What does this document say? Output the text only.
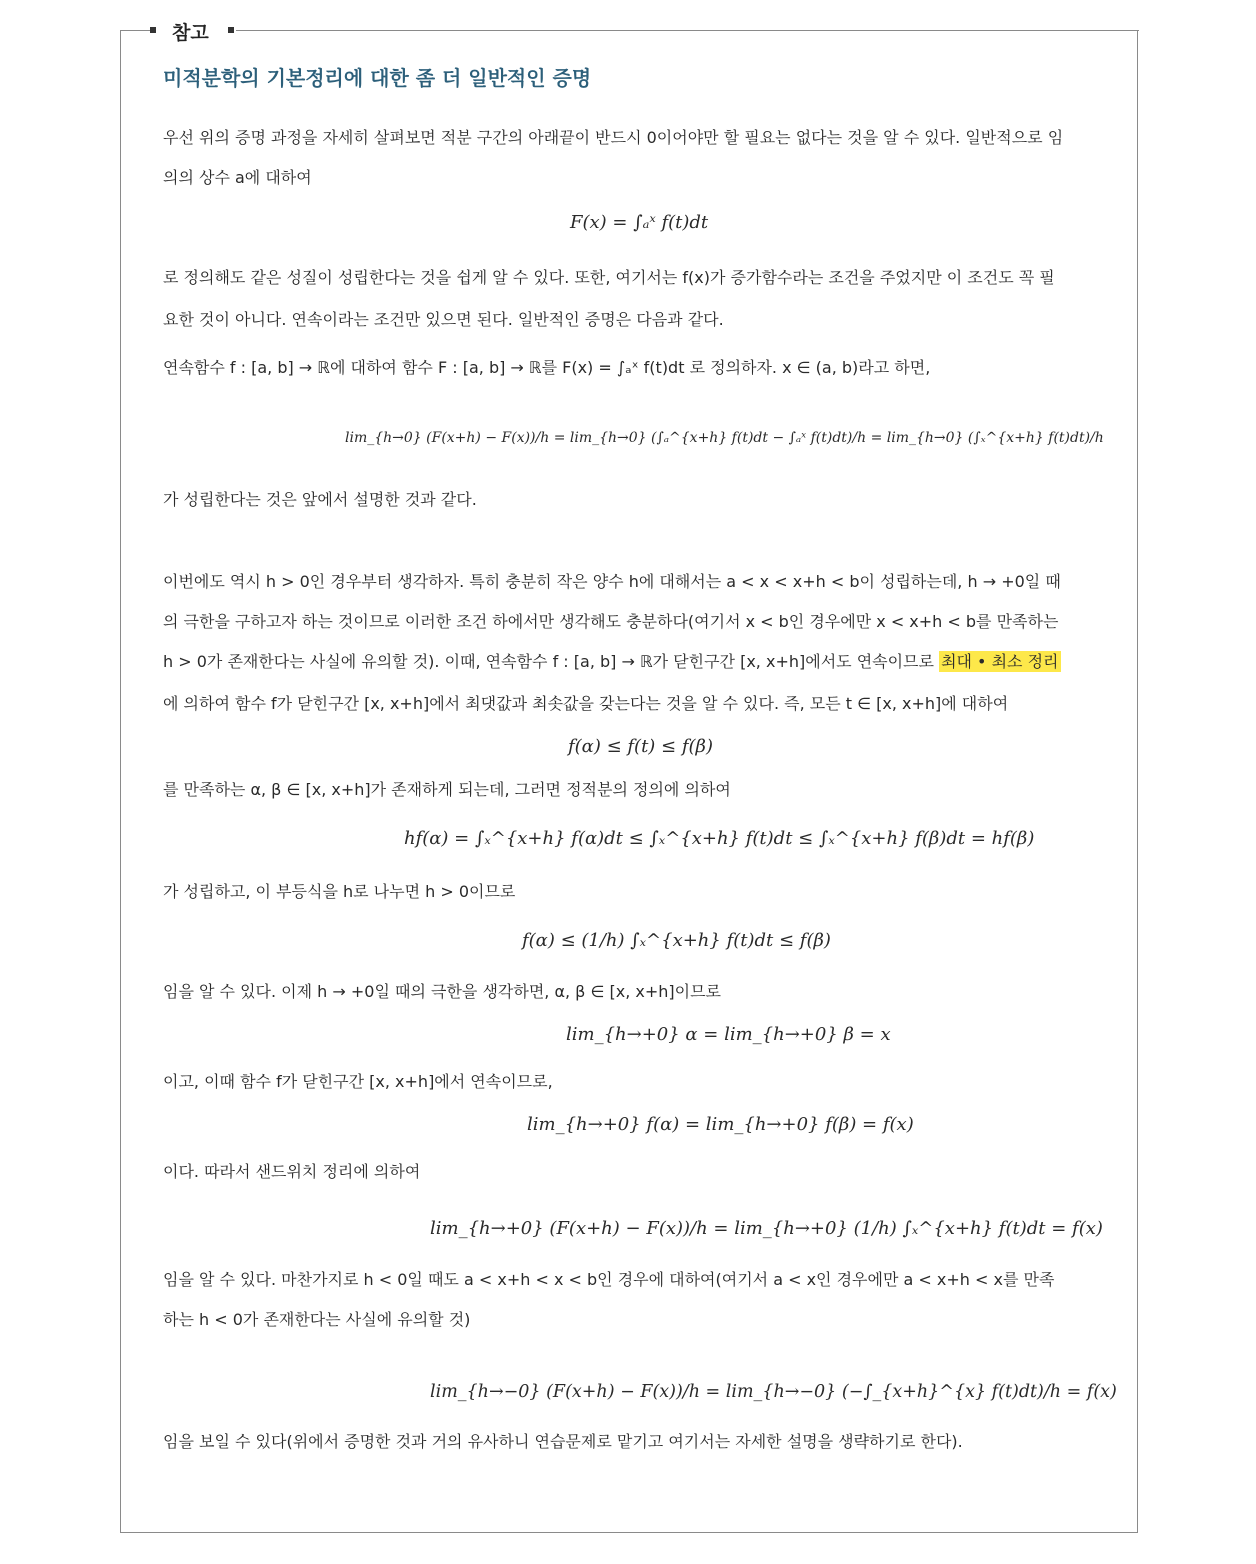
참고
미적분학의 기본정리에 대한 좀 더 일반적인 증명
우선 위의 증명 과정을 자세히 살펴보면 적분 구간의 아래끝이 반드시 0이어야만 할 필요는 없다는 것을 알 수 있다. 일반적으로 임
의의 상수 a에 대하여
F(x) = ∫ₐˣ f(t)dt
로 정의해도 같은 성질이 성립한다는 것을 쉽게 알 수 있다. 또한, 여기서는 f(x)가 증가함수라는 조건을 주었지만 이 조건도 꼭 필
요한 것이 아니다. 연속이라는 조건만 있으면 된다. 일반적인 증명은 다음과 같다.
연속함수 f : [a, b] → ℝ에 대하여 함수 F : [a, b] → ℝ를 F(x) = ∫ₐˣ f(t)dt 로 정의하자. x ∈ (a, b)라고 하면,
lim_{h→0} (F(x+h) − F(x))/h = lim_{h→0} (∫ₐ^{x+h} f(t)dt − ∫ₐˣ f(t)dt)/h = lim_{h→0} (∫ₓ^{x+h} f(t)dt)/h
가 성립한다는 것은 앞에서 설명한 것과 같다.
이번에도 역시 h > 0인 경우부터 생각하자. 특히 충분히 작은 양수 h에 대해서는 a < x < x+h < b이 성립하는데, h → +0일 때
의 극한을 구하고자 하는 것이므로 이러한 조건 하에서만 생각해도 충분하다(여기서 x < b인 경우에만 x < x+h < b를 만족하는
h > 0가 존재한다는 사실에 유의할 것). 이때, 연속함수 f : [a, b] → ℝ가 닫힌구간 [x, x+h]에서도 연속이므로 최대 • 최소 정리
에 의하여 함수 f가 닫힌구간 [x, x+h]에서 최댓값과 최솟값을 갖는다는 것을 알 수 있다. 즉, 모든 t ∈ [x, x+h]에 대하여
f(α) ≤ f(t) ≤ f(β)
를 만족하는 α, β ∈ [x, x+h]가 존재하게 되는데, 그러면 정적분의 정의에 의하여
hf(α) = ∫ₓ^{x+h} f(α)dt ≤ ∫ₓ^{x+h} f(t)dt ≤ ∫ₓ^{x+h} f(β)dt = hf(β)
가 성립하고, 이 부등식을 h로 나누면 h > 0이므로
f(α) ≤ (1/h) ∫ₓ^{x+h} f(t)dt ≤ f(β)
임을 알 수 있다. 이제 h → +0일 때의 극한을 생각하면, α, β ∈ [x, x+h]이므로
lim_{h→+0} α = lim_{h→+0} β = x
이고, 이때 함수 f가 닫힌구간 [x, x+h]에서 연속이므로,
lim_{h→+0} f(α) = lim_{h→+0} f(β) = f(x)
이다. 따라서 샌드위치 정리에 의하여
lim_{h→+0} (F(x+h) − F(x))/h = lim_{h→+0} (1/h) ∫ₓ^{x+h} f(t)dt = f(x)
임을 알 수 있다. 마찬가지로 h < 0일 때도 a < x+h < x < b인 경우에 대하여(여기서 a < x인 경우에만 a < x+h < x를 만족
하는 h < 0가 존재한다는 사실에 유의할 것)
lim_{h→−0} (F(x+h) − F(x))/h = lim_{h→−0} (−∫_{x+h}^{x} f(t)dt)/h = f(x)
임을 보일 수 있다(위에서 증명한 것과 거의 유사하니 연습문제로 맡기고 여기서는 자세한 설명을 생략하기로 한다).
